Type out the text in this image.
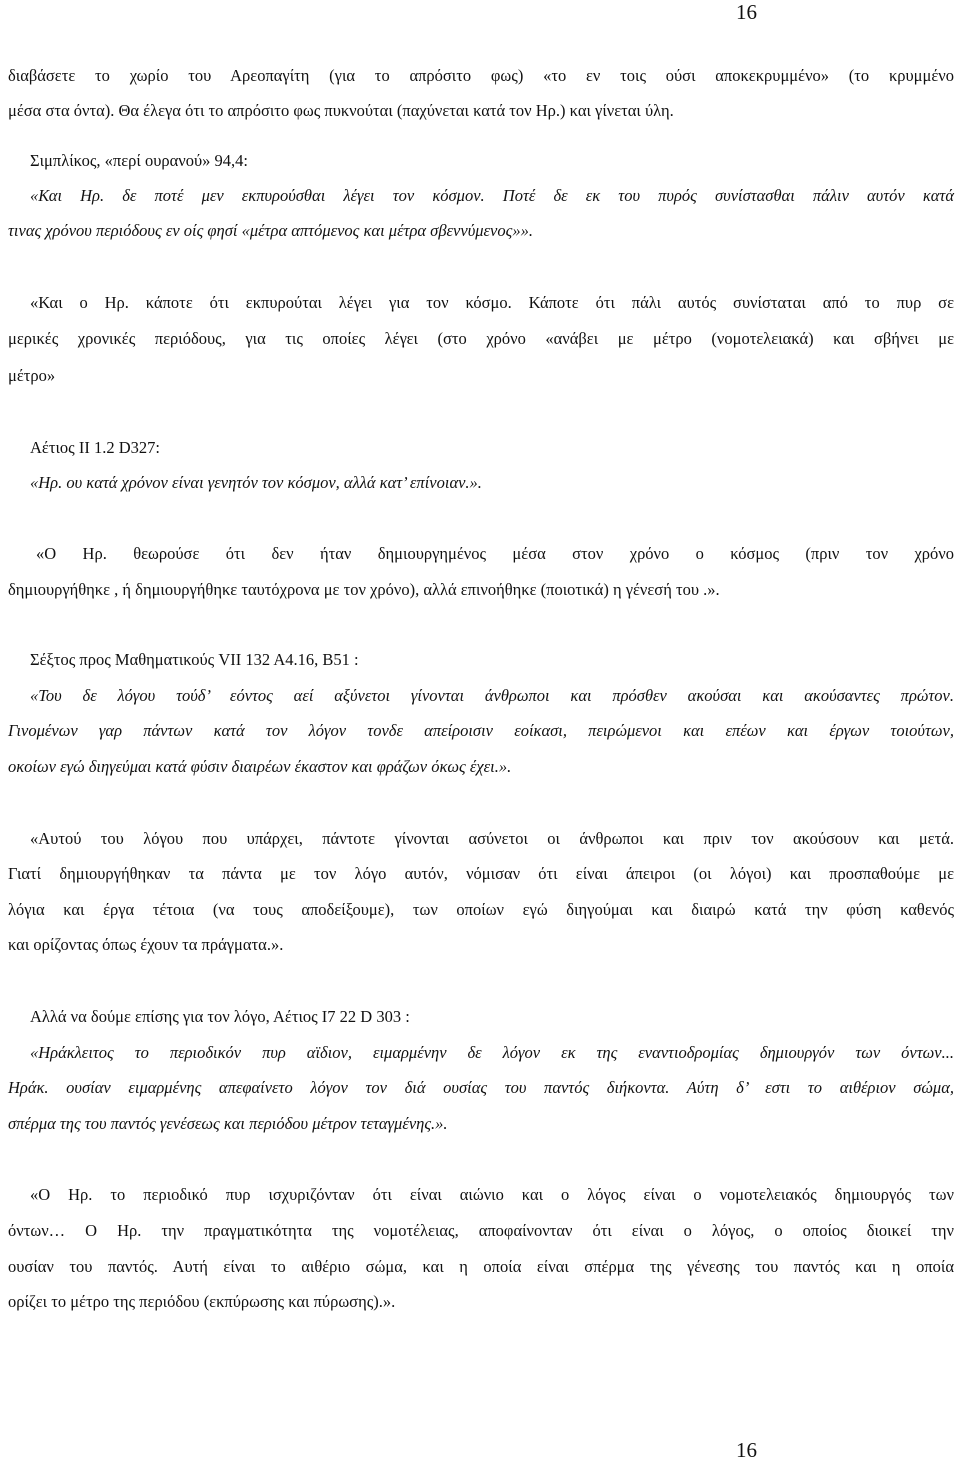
16
διαβάσετε το χωρίο του Αρεοπαγίτη (για το απρόσιτο φως) «το εν τοις ούσι αποκεκρυμμένο» (το κρυμμένο
μέσα στα όντα). Θα έλεγα ότι το απρόσιτο φως πυκνούται (παχύνεται κατά τον Ηρ.) και γίνεται ύλη.
Σιμπλίκος, «περί ουρανού» 94,4:
«Και Ηρ. δε ποτέ μεν εκπυρούσθαι λέγει τον κόσμον. Ποτέ δε εκ του πυρός συνίστασθαι πάλιν αυτόν κατά
τινας χρόνου περιόδους εν οίς φησί «μέτρα απτόμενος και μέτρα σβεννύμενος»».
«Και ο Ηρ. κάποτε ότι εκπυρούται λέγει για τον κόσμο. Κάποτε ότι πάλι αυτός συνίσταται από το πυρ σε
μερικές χρονικές περιόδους, για τις οποίες λέγει (στο χρόνο «ανάβει με μέτρο (νομοτελειακά) και σβήνει με
μέτρο»
Αέτιος ΙΙ 1.2 D327:
«Ηρ. ου κατά χρόνον είναι γενητόν τον κόσμον, αλλά κατ’ επίνοιαν.».
«Ο Ηρ. θεωρούσε ότι δεν ήταν δημιουργημένος μέσα στον χρόνο ο κόσμος (πριν τον χρόνο
δημιουργήθηκε , ή δημιουργήθηκε ταυτόχρονα με τον χρόνο), αλλά επινοήθηκε (ποιοτικά) η γένεσή του .».
Σέξτος προς Μαθηματικούς VII 132 A4.16, B51 :
«Του δε λόγου τούδ’ εόντος αεί αξύνετοι γίνονται άνθρωποι και πρόσθεν ακούσαι και ακούσαντες πρώτον.
Γινομένων γαρ πάντων κατά τον λόγον τονδε απείροισιν εοίκασι, πειρώμενοι και επέων και έργων τοιούτων,
οκοίων εγώ διηγεύμαι κατά φύσιν διαιρέων έκαστον και φράζων όκως έχει.».
«Αυτού του λόγου που υπάρχει, πάντοτε γίνονται ασύνετοι οι άνθρωποι και πριν τον ακούσουν και μετά.
Γιατί δημιουργήθηκαν τα πάντα με τον λόγο αυτόν, νόμισαν ότι είναι άπειροι (οι λόγοι) και προσπαθούμε με
λόγια και έργα τέτοια (να τους αποδείξουμε), των οποίων εγώ διηγούμαι και διαιρώ κατά την φύση καθενός
και ορίζοντας όπως έχουν τα πράγματα.».
Αλλά να δούμε επίσης για τον λόγο, Αέτιος Ι7 22 D 303 :
«Ηράκλειτος το περιοδικόν πυρ αϊδιον, ειμαρμένην δε λόγον εκ της εναντιοδρομίας δημιουργόν των όντων...
Ηράκ. ουσίαν ειμαρμένης απεφαίνετο λόγον τον διά ουσίας του παντός διήκοντα. Αύτη δ’ εστι το αιθέριον σώμα,
σπέρμα της του παντός γενέσεως και περιόδου μέτρον τεταγμένης.».
«Ο Ηρ. το περιοδικό πυρ ισχυριζόνταν ότι είναι αιώνιο και ο λόγος είναι ο νομοτελειακός δημιουργός των
όντων… Ο Ηρ. την πραγματικότητα της νομοτέλειας, αποφαίνονταν ότι είναι ο λόγος, ο οποίος διοικεί την
ουσίαν του παντός. Αυτή είναι το αιθέριο σώμα, και η οποία είναι σπέρμα της γένεσης του παντός και η οποία
ορίζει το μέτρο της περιόδου (εκπύρωσης και πύρωσης).».
16
